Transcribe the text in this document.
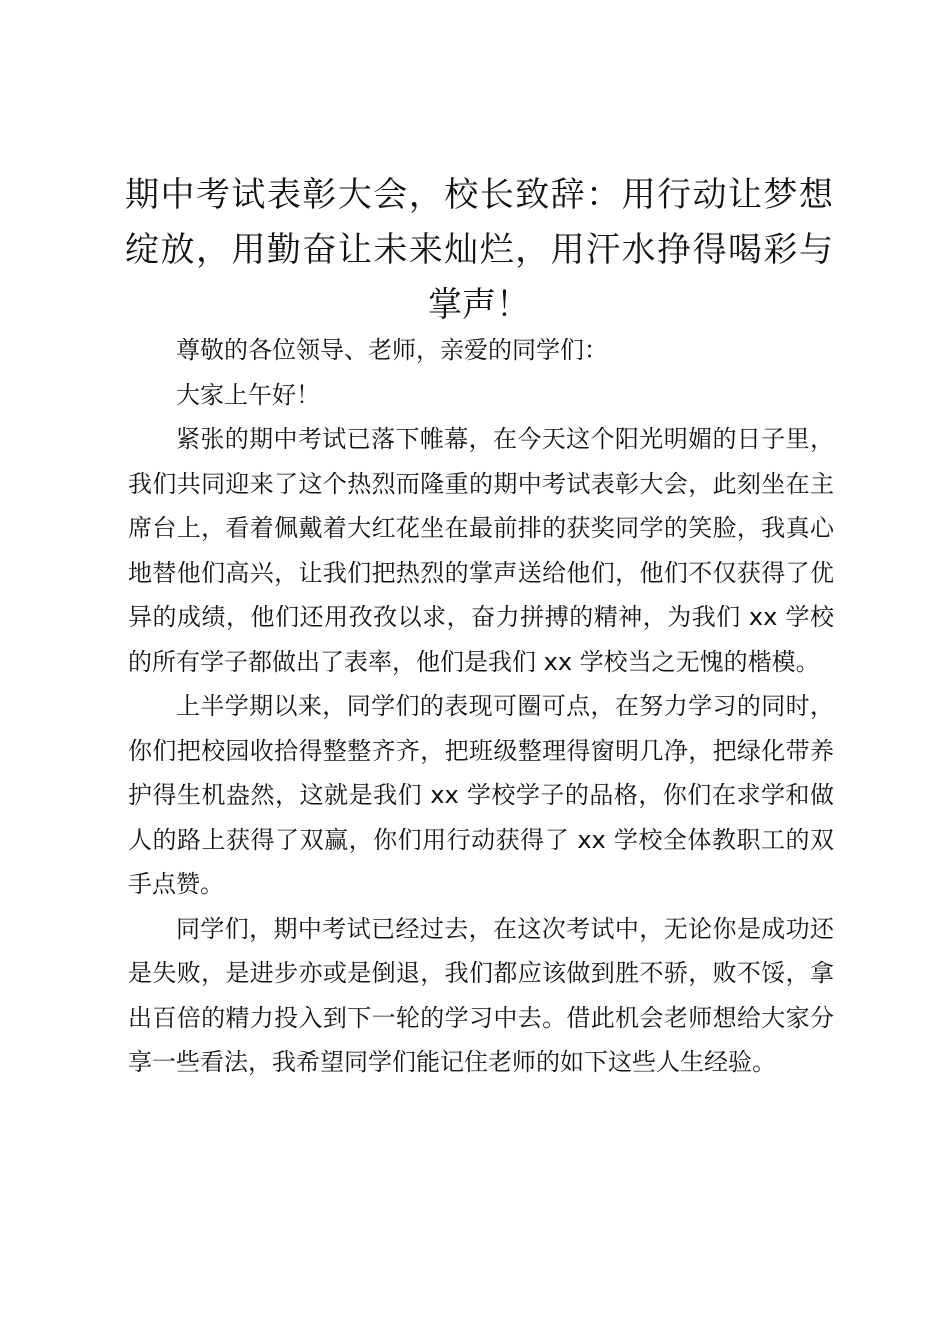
期中考试表彰大会，校长致辞：用行动让梦想绽放，用勤奋让未来灿烂，用汗水挣得喝彩与掌声！

尊敬的各位领导、老师，亲爱的同学们：

大家上午好！

紧张的期中考试已落下帷幕，在今天这个阳光明媚的日子里，我们共同迎来了这个热烈而隆重的期中考试表彰大会，此刻坐在主席台上，看着佩戴着大红花坐在最前排的获奖同学的笑脸，我真心地替他们高兴，让我们把热烈的掌声送给他们，他们不仅获得了优异的成绩，他们还用孜孜以求，奋力拼搏的精神，为我们 xx 学校的所有学子都做出了表率，他们是我们 xx 学校当之无愧的楷模。

上半学期以来，同学们的表现可圈可点，在努力学习的同时，你们把校园收拾得整整齐齐，把班级整理得窗明几净，把绿化带养护得生机盎然，这就是我们 xx 学校学子的品格，你们在求学和做人的路上获得了双赢，你们用行动获得了 xx 学校全体教职工的双手点赞。

同学们，期中考试已经过去，在这次考试中，无论你是成功还是失败，是进步亦或是倒退，我们都应该做到胜不骄，败不馁，拿出百倍的精力投入到下一轮的学习中去。借此机会老师想给大家分享一些看法，我希望同学们能记住老师的如下这些人生经验。
